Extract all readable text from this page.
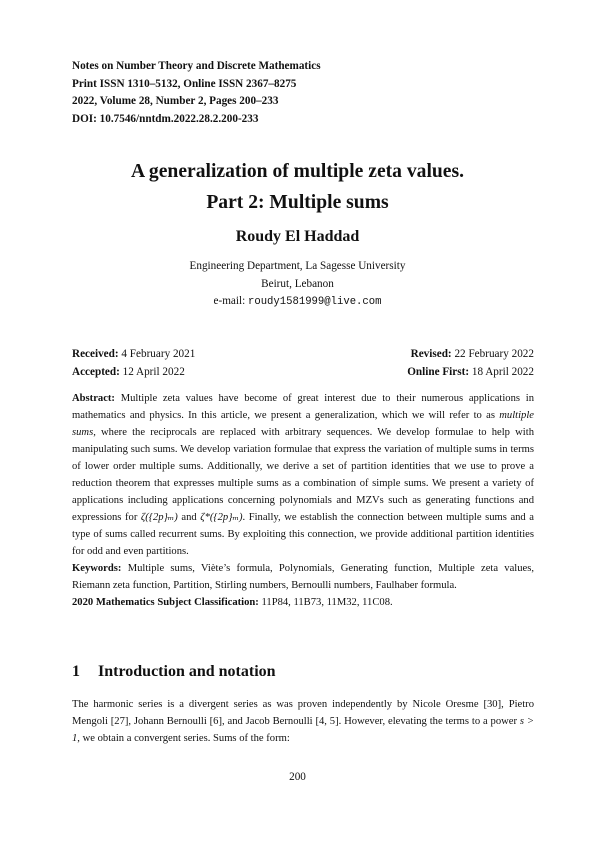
Notes on Number Theory and Discrete Mathematics
Print ISSN 1310–5132, Online ISSN 2367–8275
2022, Volume 28, Number 2, Pages 200–233
DOI: 10.7546/nntdm.2022.28.2.200-233
A generalization of multiple zeta values.
Part 2: Multiple sums
Roudy El Haddad
Engineering Department, La Sagesse University
Beirut, Lebanon
e-mail: roudy1581999@live.com
Received: 4 February 2021	Revised: 22 February 2022
Accepted: 12 April 2022	Online First: 18 April 2022

Abstract: Multiple zeta values have become of great interest due to their numerous applications in mathematics and physics. In this article, we present a generalization, which we will refer to as multiple sums, where the reciprocals are replaced with arbitrary sequences. We develop formulae to help with manipulating such sums. We develop variation formulae that express the variation of multiple sums in terms of lower order multiple sums. Additionally, we derive a set of partition identities that we use to prove a reduction theorem that expresses multiple sums as a combination of simple sums. We present a variety of applications including applications concerning polynomials and MZVs such as generating functions and expressions for ζ({2p}ₘ) and ζ*({2p}ₘ). Finally, we establish the connection between multiple sums and a type of sums called recurrent sums. By exploiting this connection, we provide additional partition identities for odd and even partitions.

Keywords: Multiple sums, Viète’s formula, Polynomials, Generating function, Multiple zeta values, Riemann zeta function, Partition, Stirling numbers, Bernoulli numbers, Faulhaber formula.

2020 Mathematics Subject Classification: 11P84, 11B73, 11M32, 11C08.

1 Introduction and notation

The harmonic series is a divergent series as was proven independently by Nicole Oresme [30], Pietro Mengoli [27], Johann Bernoulli [6], and Jacob Bernoulli [4, 5]. However, elevating the terms to a power s > 1, we obtain a convergent series. Sums of the form:

200
